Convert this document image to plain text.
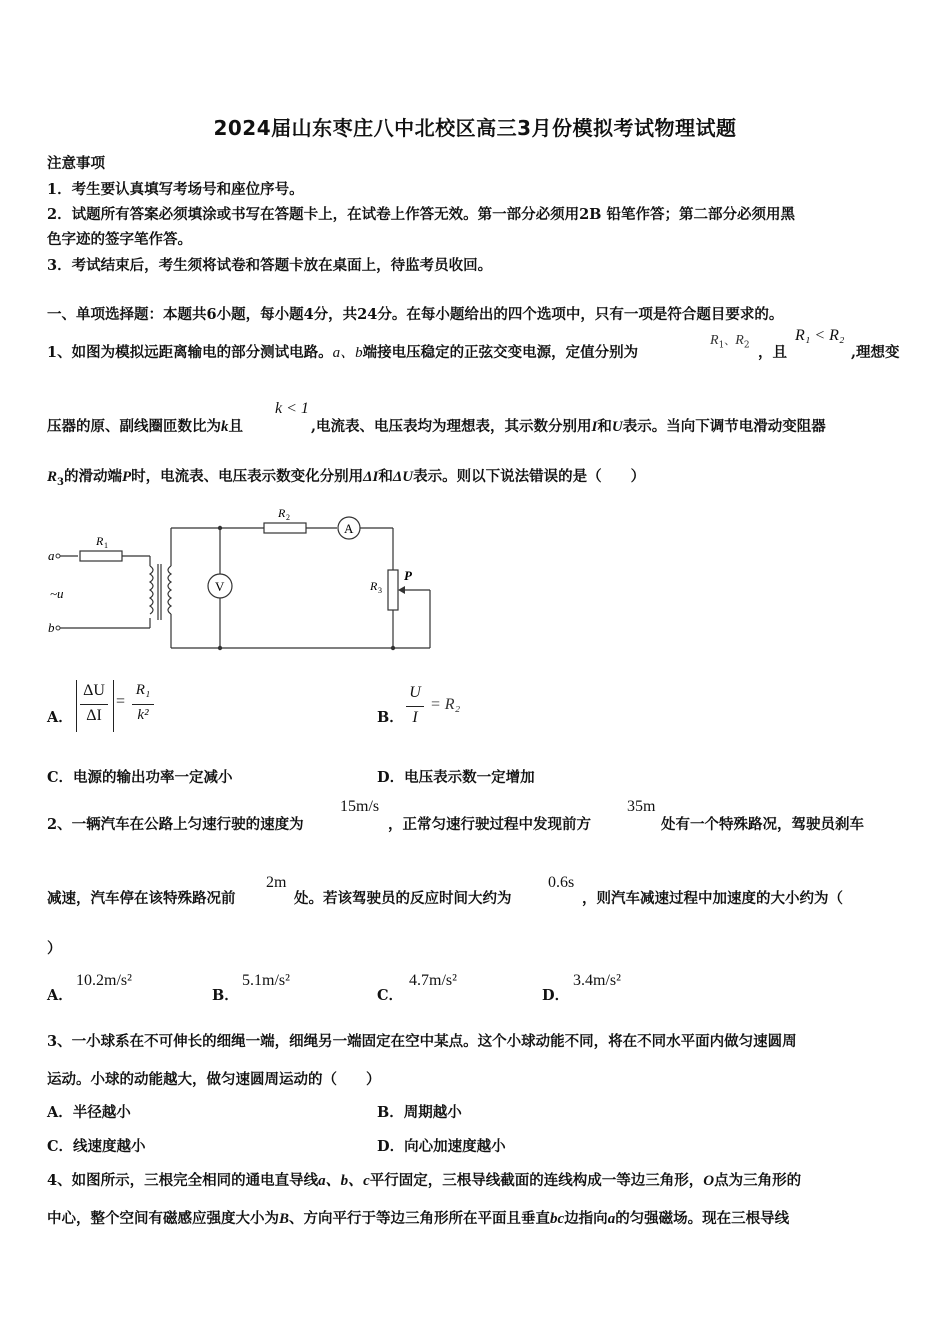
2024届山东枣庄八中北校区高三3月份模拟考试物理试题
注意事项
1．考生要认真填写考场号和座位序号。
2．试题所有答案必须填涂或书写在答题卡上，在试卷上作答无效。第一部分必须用2B 铅笔作答；第二部分必须用黑
色字迹的签字笔作答。
3．考试结束后，考生须将试卷和答题卡放在桌面上，待监考员收回。
一、单项选择题：本题共6小题，每小题4分，共24分。在每小题给出的四个选项中，只有一项是符合题目要求的。
1、如图为模拟远距离输电的部分测试电路。a、b端接电压稳定的正弦交变电源，定值分别为
$R_1$、$R_2$ ，且
R₁ < R₂
,理想变
压器的原、副线圈匝数比为k且
k < 1
,电流表、电压表均为理想表，其示数分别用I和U表示。当向下调节电滑动变阻器
$R_3$的滑动端P时，电流表、电压表示数变化分别用ΔI和ΔU表示。则以下说法错误的是（　　）
a
~u
b
R 1
R 2
R 3
A
V
P
A．
ΔU
ΔI
=
R₁
k²	B．
U
I
= R₂
C．电源的输出功率一定减小	D．电压表示数一定增加
2、一辆汽车在公路上匀速行驶的速度为
15m/s
，正常匀速行驶过程中发现前方
35m
处有一个特殊路况，驾驶员刹车
减速，汽车停在该特殊路况前
2m
处。若该驾驶员的反应时间大约为
0.6s
，则汽车减速过程中加速度的大小约为（
）
A．
10.2m/s²
B．
5.1m/s²
C．
4.7m/s²
D．
3.4m/s²
3、一小球系在不可伸长的细绳一端，细绳另一端固定在空中某点。这个小球动能不同，将在不同水平面内做匀速圆周
运动。小球的动能越大，做匀速圆周运动的（　　）
A．半径越小	B．周期越小
C．线速度越小	D．向心加速度越小
4、如图所示，三根完全相同的通电直导线a、b、c平行固定，三根导线截面的连线构成一等边三角形，O点为三角形的
中心，整个空间有磁感应强度大小为B、方向平行于等边三角形所在平面且垂直bc边指向a的匀强磁场。现在三根导线
